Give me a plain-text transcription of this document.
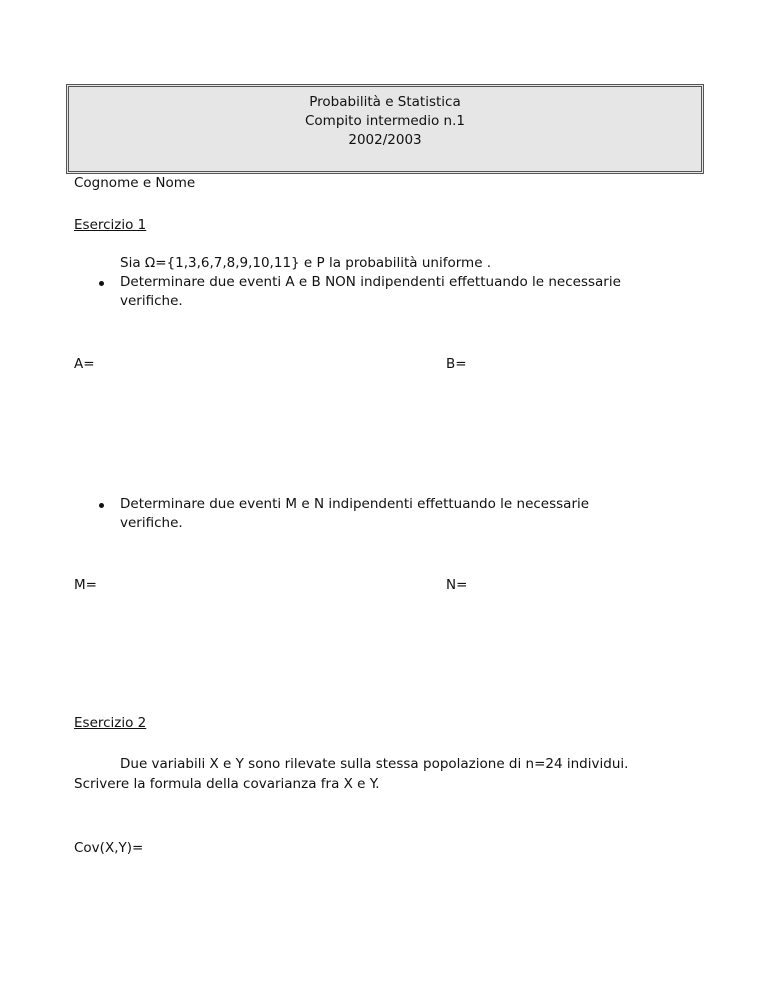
Probabilità e Statistica
Compito intermedio n.1
2002/2003
Cognome e Nome
Esercizio 1
Sia Ω={1,3,6,7,8,9,10,11} e P la probabilità uniforme .
Determinare due eventi A e B NON indipendenti effettuando le necessarie
verifiche.
A=	B=
Determinare due eventi M e N indipendenti effettuando le necessarie
verifiche.
M=	N=
Esercizio 2
Due variabili X e Y sono rilevate sulla stessa popolazione di n=24 individui.
Scrivere la formula della covarianza fra X e Y.
Cov(X,Y)=
